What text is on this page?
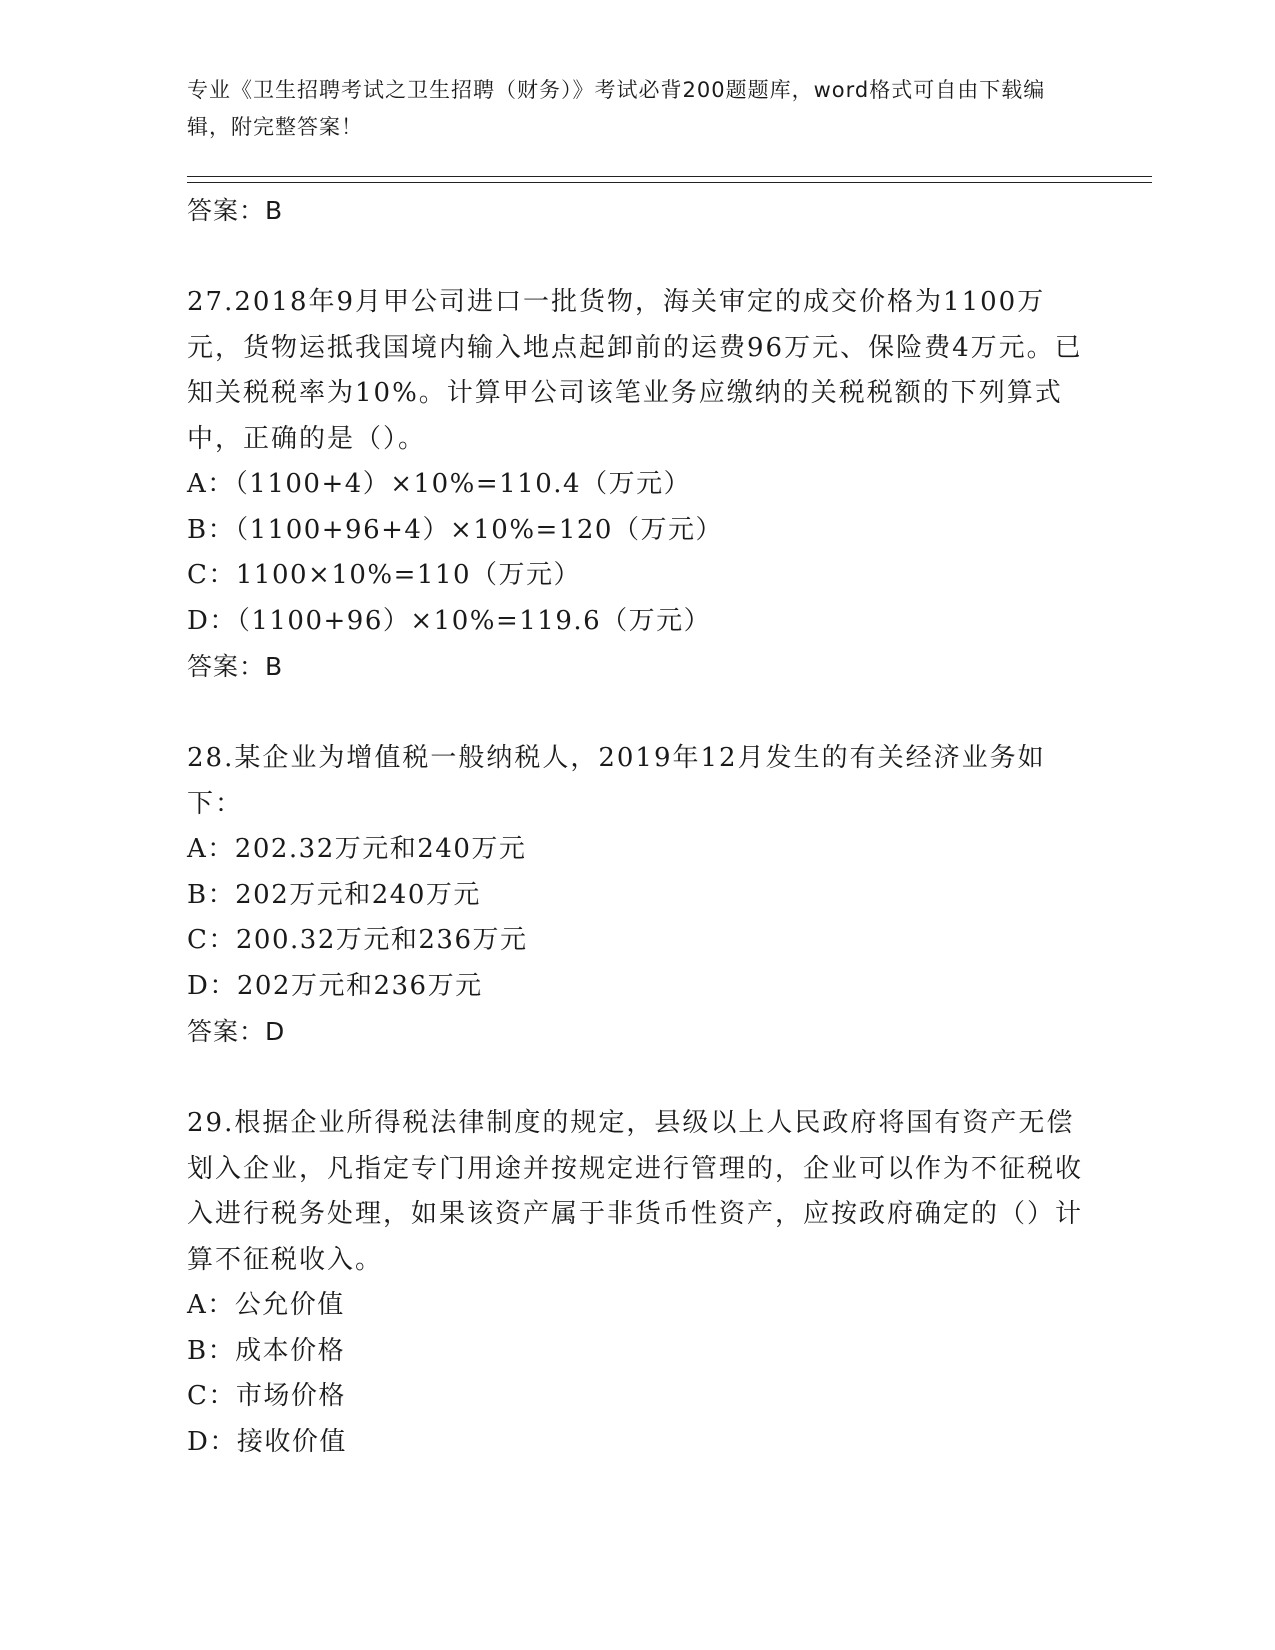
专业《卫生招聘考试之卫生招聘（财务）》考试必背200题题库，word格式可自由下载编辑，附完整答案！
答案：B
27.2018年9月甲公司进口一批货物，海关审定的成交价格为1100万元，货物运抵我国境内输入地点起卸前的运费96万元、保险费4万元。已知关税税率为10%。计算甲公司该笔业务应缴纳的关税税额的下列算式中，正确的是（）。
A：（1100+4）×10%=110.4（万元）
B：（1100+96+4）×10%=120（万元）
C：1100×10%=110（万元）
D：（1100+96）×10%=119.6（万元）
答案：B
28.某企业为增值税一般纳税人，2019年12月发生的有关经济业务如下：
A：202.32万元和240万元
B：202万元和240万元
C：200.32万元和236万元
D：202万元和236万元
答案：D
29.根据企业所得税法律制度的规定，县级以上人民政府将国有资产无偿划入企业，凡指定专门用途并按规定进行管理的，企业可以作为不征税收入进行税务处理，如果该资产属于非货币性资产，应按政府确定的（）计算不征税收入。
A：公允价值
B：成本价格
C：市场价格
D：接收价值
